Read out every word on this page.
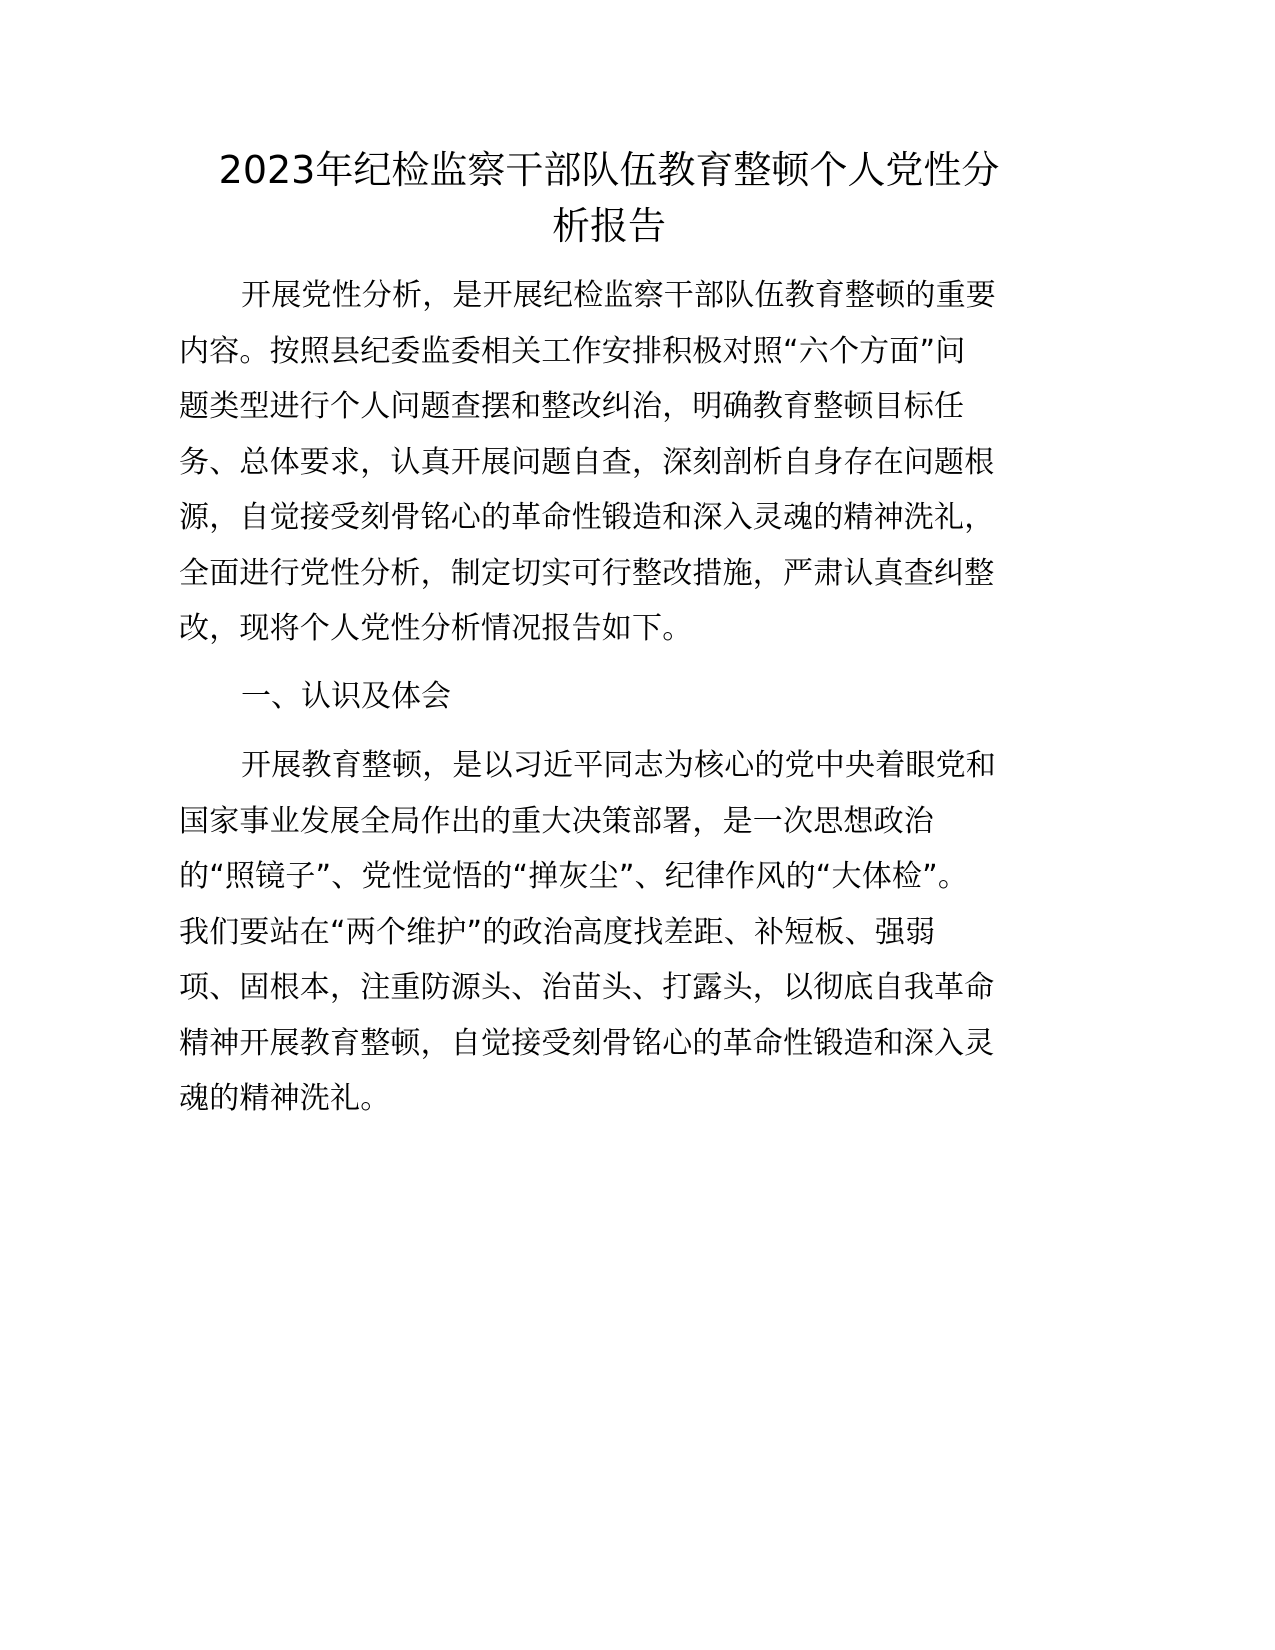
2023年纪检监察干部队伍教育整顿个人党性分
析报告

开展党性分析，是开展纪检监察干部队伍教育整顿的重要
内容。按照县纪委监委相关工作安排积极对照“六个方面”问
题类型进行个人问题查摆和整改纠治，明确教育整顿目标任
务、总体要求，认真开展问题自查，深刻剖析自身存在问题根
源，自觉接受刻骨铭心的革命性锻造和深入灵魂的精神洗礼，
全面进行党性分析，制定切实可行整改措施，严肃认真查纠整
改，现将个人党性分析情况报告如下。

一、认识及体会

开展教育整顿，是以习近平同志为核心的党中央着眼党和
国家事业发展全局作出的重大决策部署，是一次思想政治
的“照镜子”、党性觉悟的“掸灰尘”、纪律作风的“大体检”。
我们要站在“两个维护”的政治高度找差距、补短板、强弱
项、固根本，注重防源头、治苗头、打露头，以彻底自我革命
精神开展教育整顿，自觉接受刻骨铭心的革命性锻造和深入灵
魂的精神洗礼。
